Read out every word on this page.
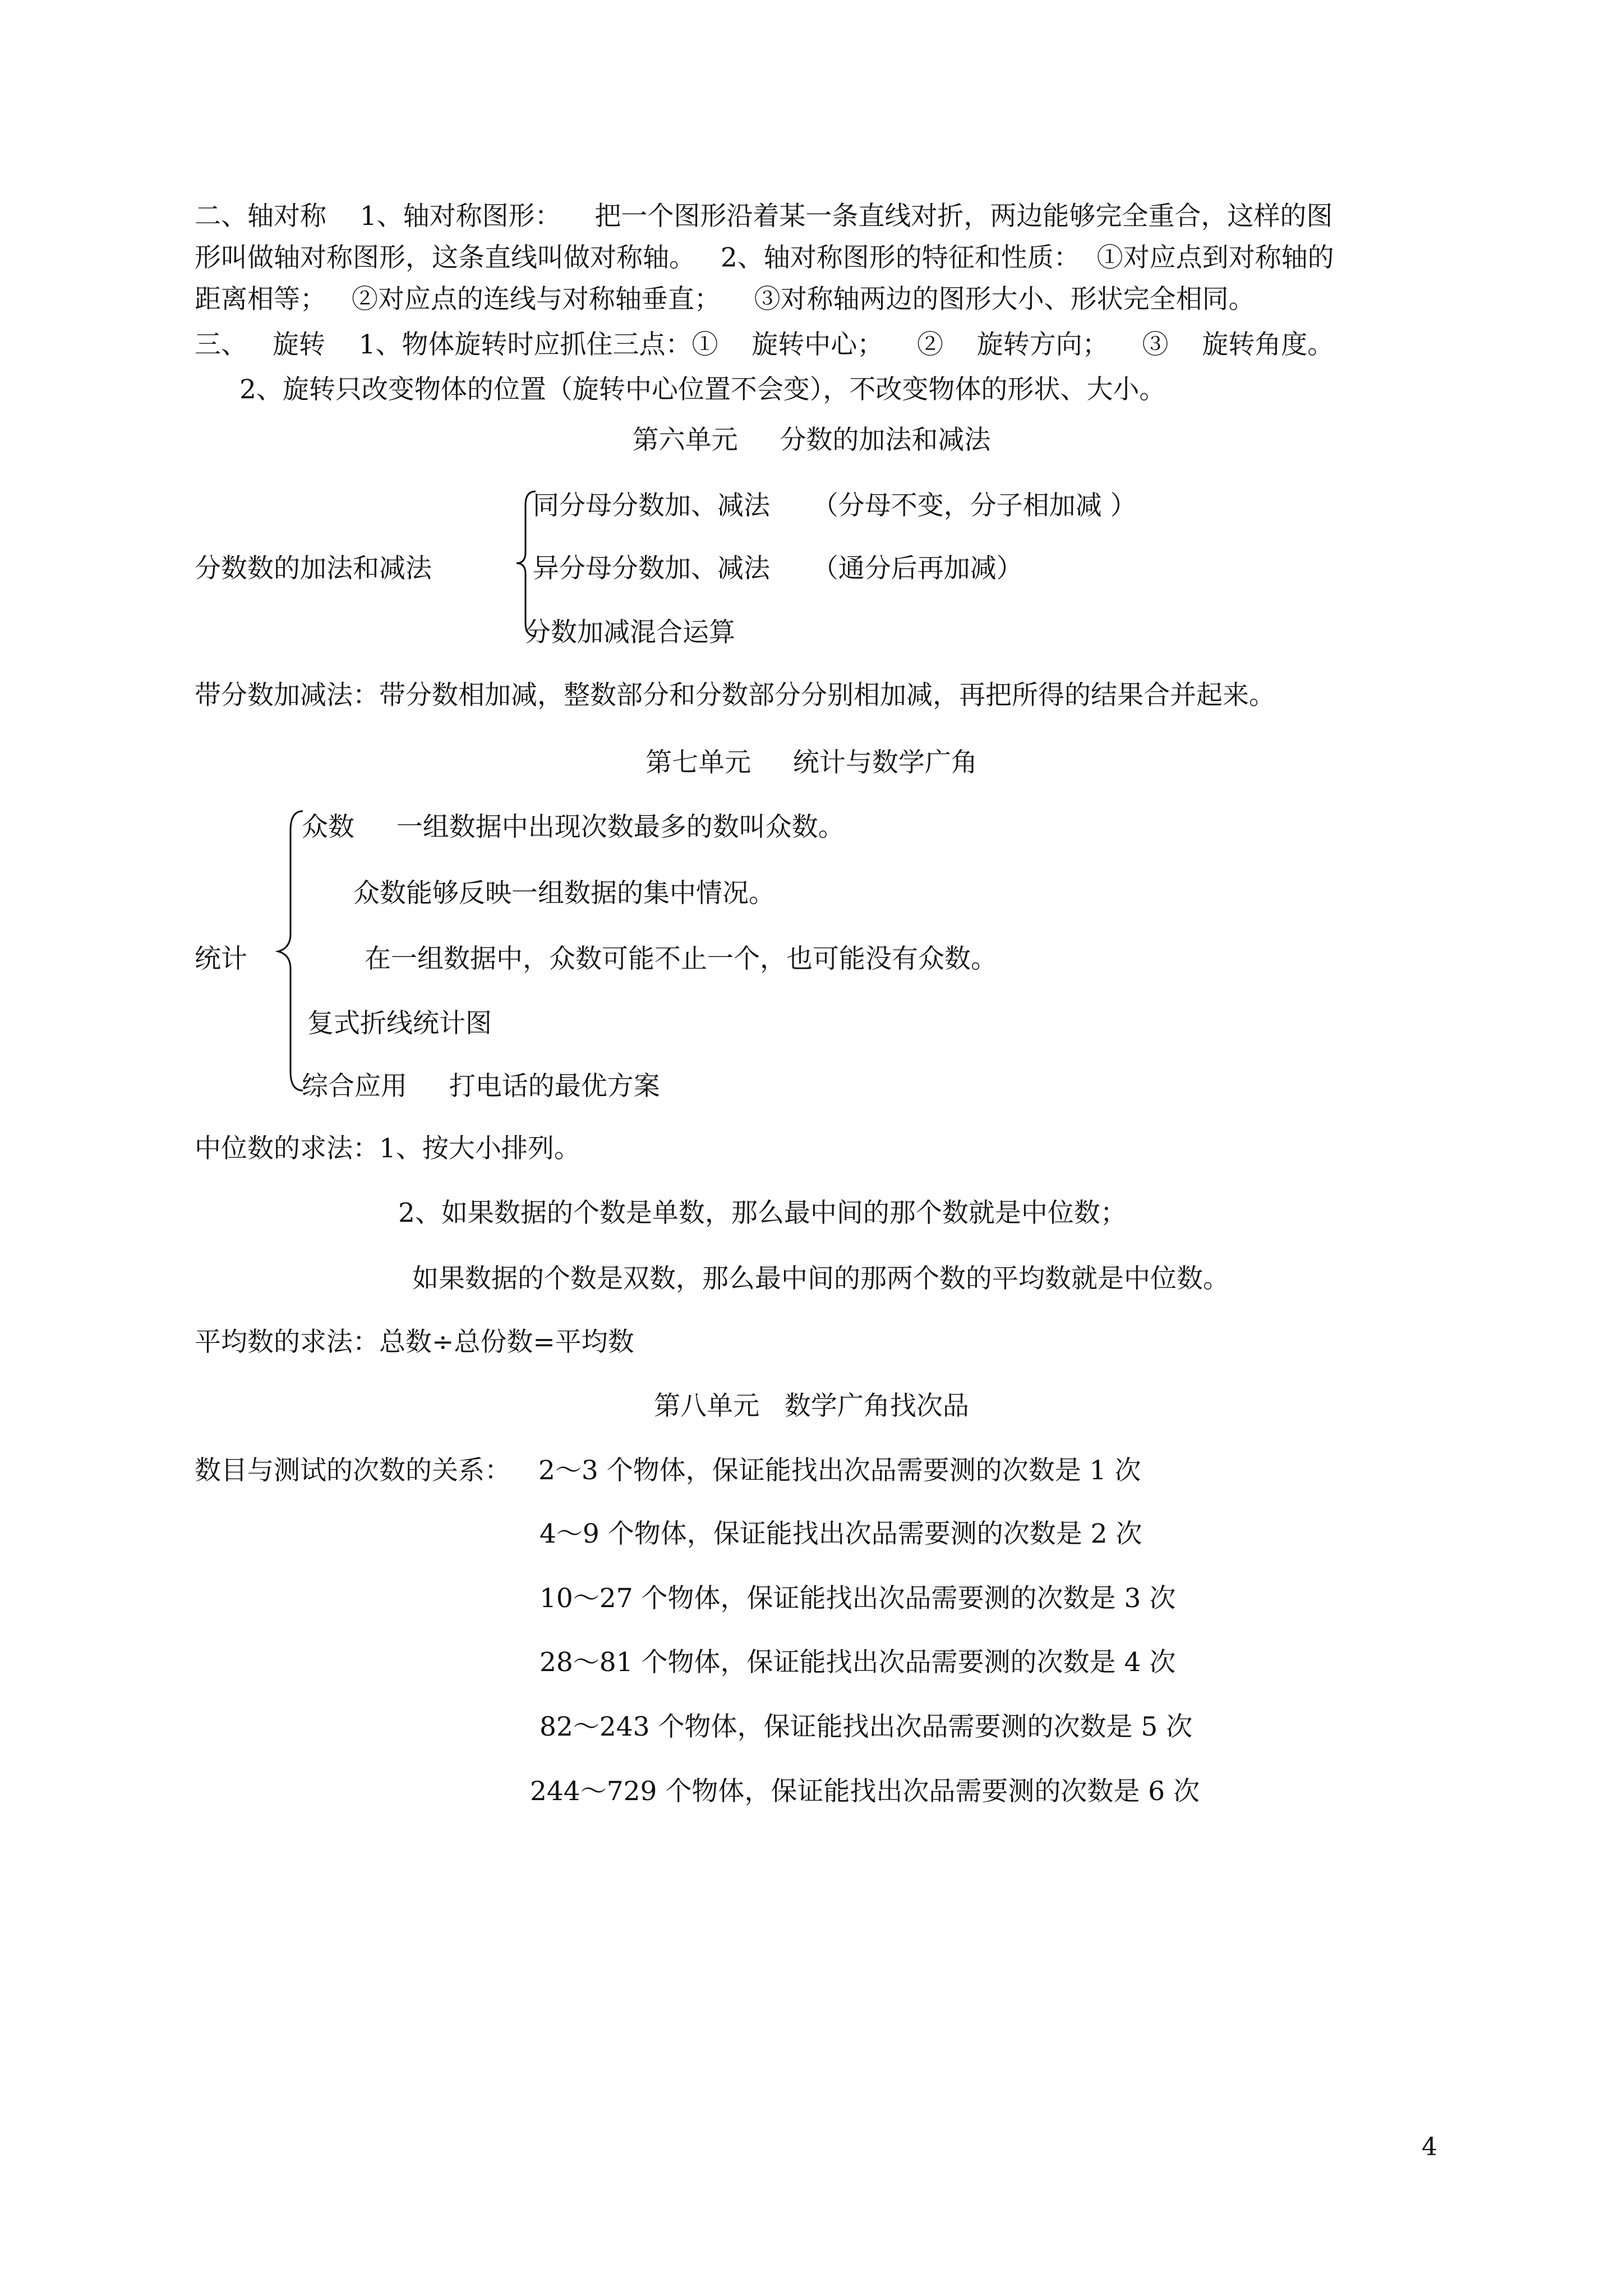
二、轴对称    1、轴对称图形：    把一个图形沿着某一条直线对折，两边能够完全重合，这样的图
形叫做轴对称图形，这条直线叫做对称轴。   2、轴对称图形的特征和性质：  ①对应点到对称轴的
距离相等；   ②对应点的连线与对称轴垂直；    ③对称轴两边的图形大小、形状完全相同。
三、   旋转    1、物体旋转时应抓住三点：①    旋转中心；    ②    旋转方向；    ③    旋转角度。
2、旋转只改变物体的位置（旋转中心位置不会变），不改变物体的形状、大小。
第六单元     分数的加法和减法
分数数的加法和减法
同分母分数加、减法     （分母不变，分子相加减 ）
异分母分数加、减法     （通分后再加减）
分数加减混合运算
带分数加减法：带分数相加减，整数部分和分数部分分别相加减，再把所得的结果合并起来。
第七单元     统计与数学广角
统计
众数     一组数据中出现次数最多的数叫众数。
众数能够反映一组数据的集中情况。
在一组数据中，众数可能不止一个，也可能没有众数。
复式折线统计图
综合应用     打电话的最优方案
中位数的求法：1、按大小排列。
2、如果数据的个数是单数，那么最中间的那个数就是中位数；
如果数据的个数是双数，那么最中间的那两个数的平均数就是中位数。
平均数的求法：总数÷总份数=平均数
第八单元   数学广角找次品
数目与测试的次数的关系： 2～3 个物体，保证能找出次品需要测的次数是 1 次
4～9 个物体，保证能找出次品需要测的次数是 2 次
10～27 个物体，保证能找出次品需要测的次数是 3 次
28～81 个物体，保证能找出次品需要测的次数是 4 次
82～243 个物体，保证能找出次品需要测的次数是 5 次
244～729 个物体，保证能找出次品需要测的次数是 6 次
4
